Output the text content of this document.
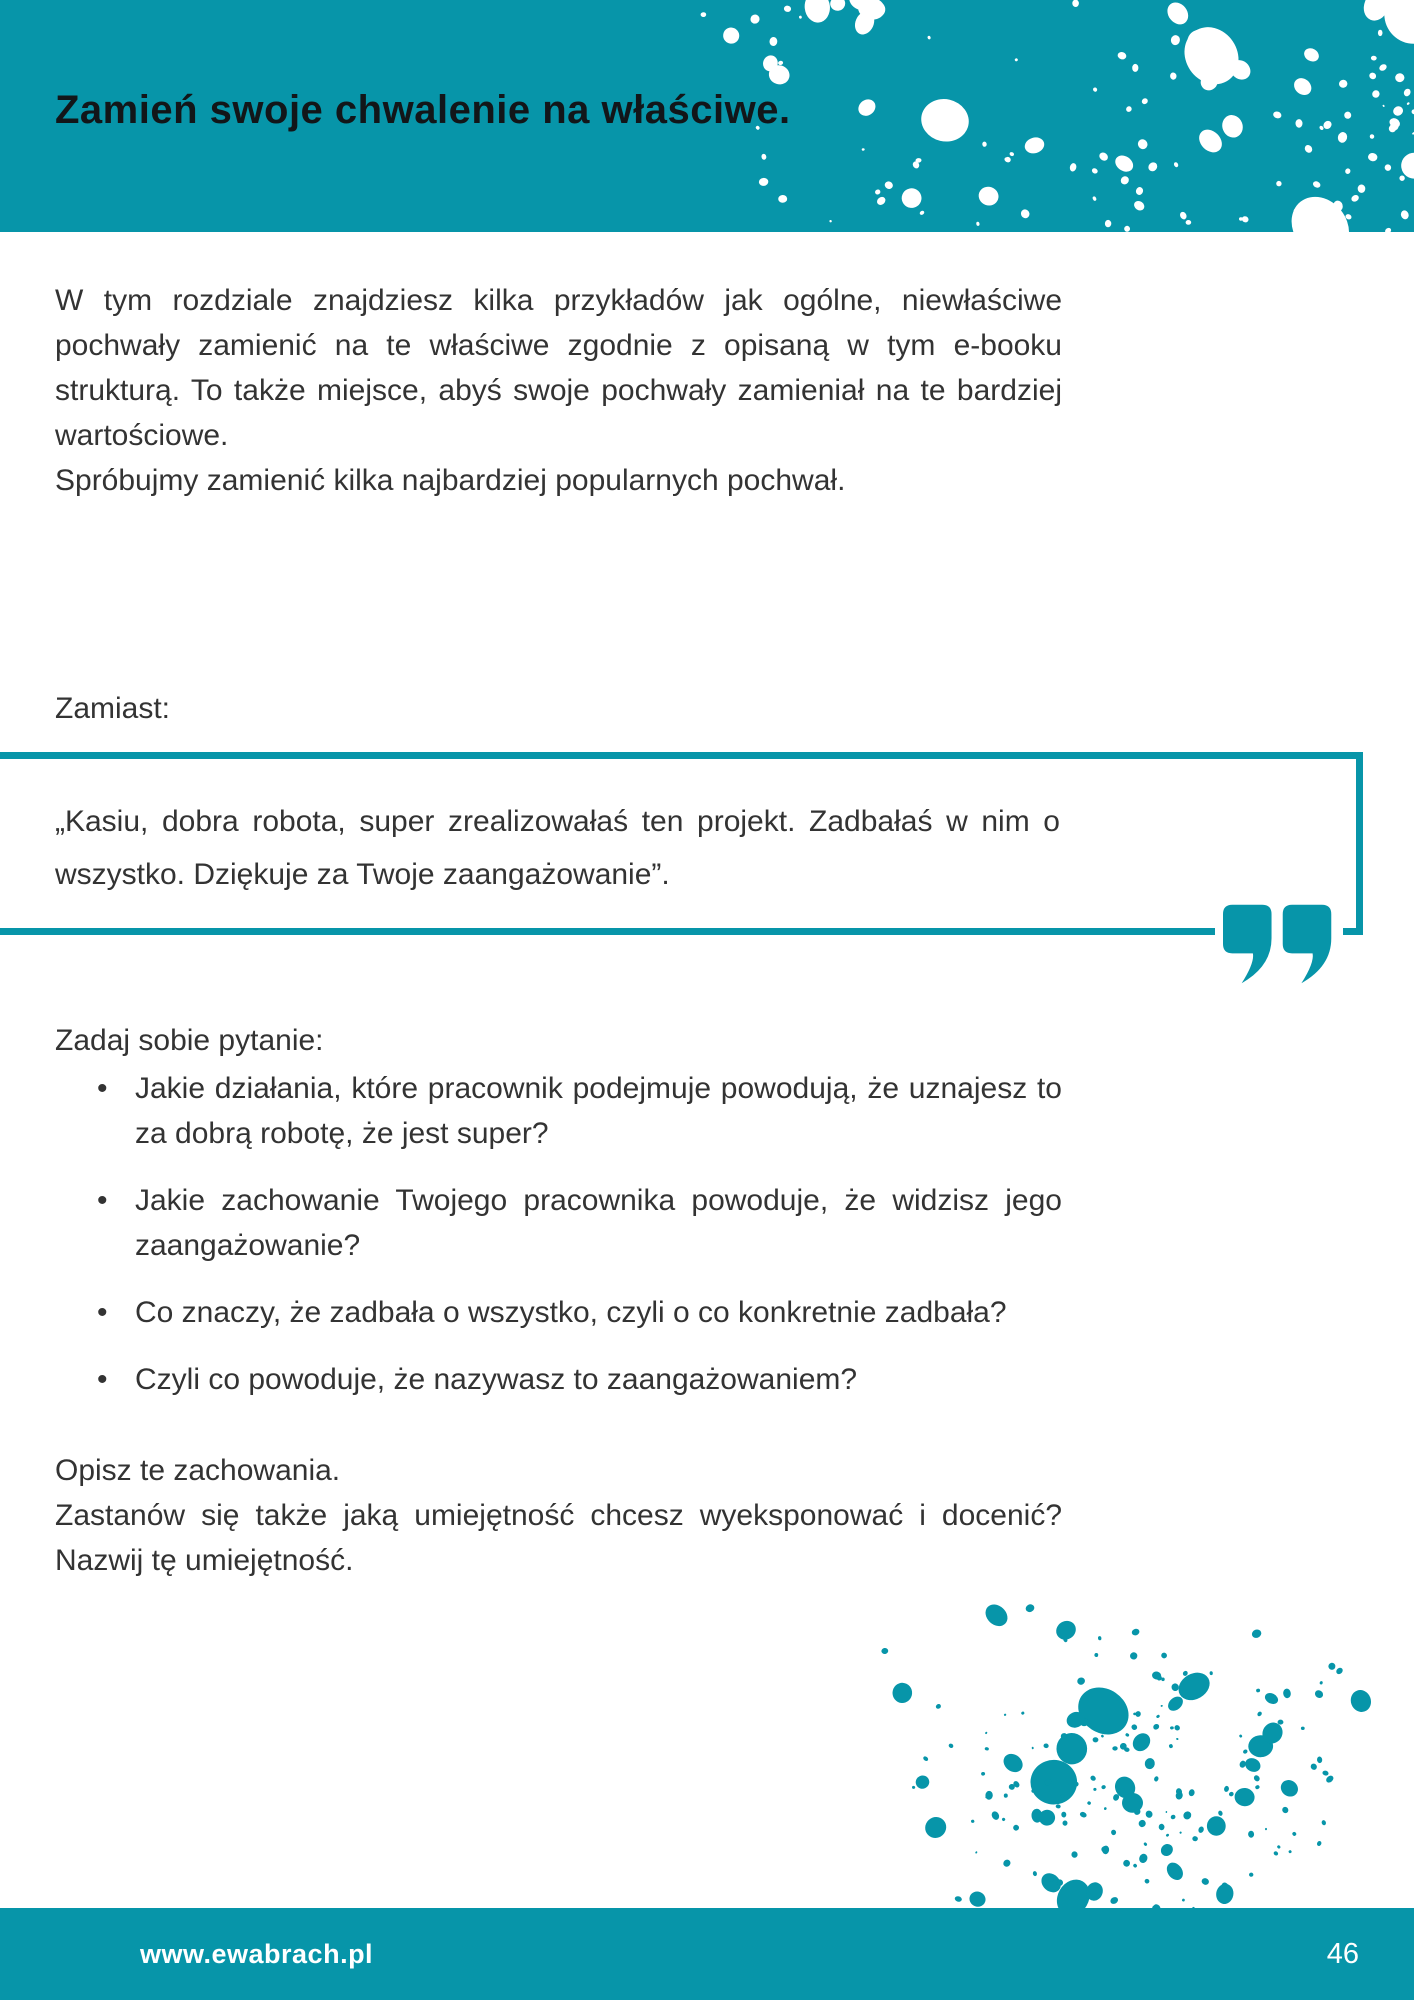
Zamień swoje chwalenie na właściwe.

W tym rozdziale znajdziesz kilka przykładów jak ogólne, niewłaściwe pochwały zamienić na te właściwe zgodnie z opisaną w tym e-booku strukturą. To także miejsce, abyś swoje pochwały zamieniał na te bardziej wartościowe.

Spróbujmy zamienić kilka najbardziej popularnych pochwał.

Zamiast:

„Kasiu, dobra robota, super zrealizowałaś ten projekt. Zadbałaś w nim o wszystko. Dziękuje za Twoje zaangażowanie”.

Zadaj sobie pytanie:
• Jakie działania, które pracownik podejmuje powodują, że uznajesz to za dobrą robotę, że jest super?
• Jakie zachowanie Twojego pracownika powoduje, że widzisz jego zaangażowanie?
• Co znaczy, że zadbała o wszystko, czyli o co konkretnie zadbała?
• Czyli co powoduje, że nazywasz to zaangażowaniem?

Opisz te zachowania.

Zastanów się także jaką umiejętność chcesz wyeksponować i docenić? Nazwij tę umiejętność.

www.ewabrach.pl	46
